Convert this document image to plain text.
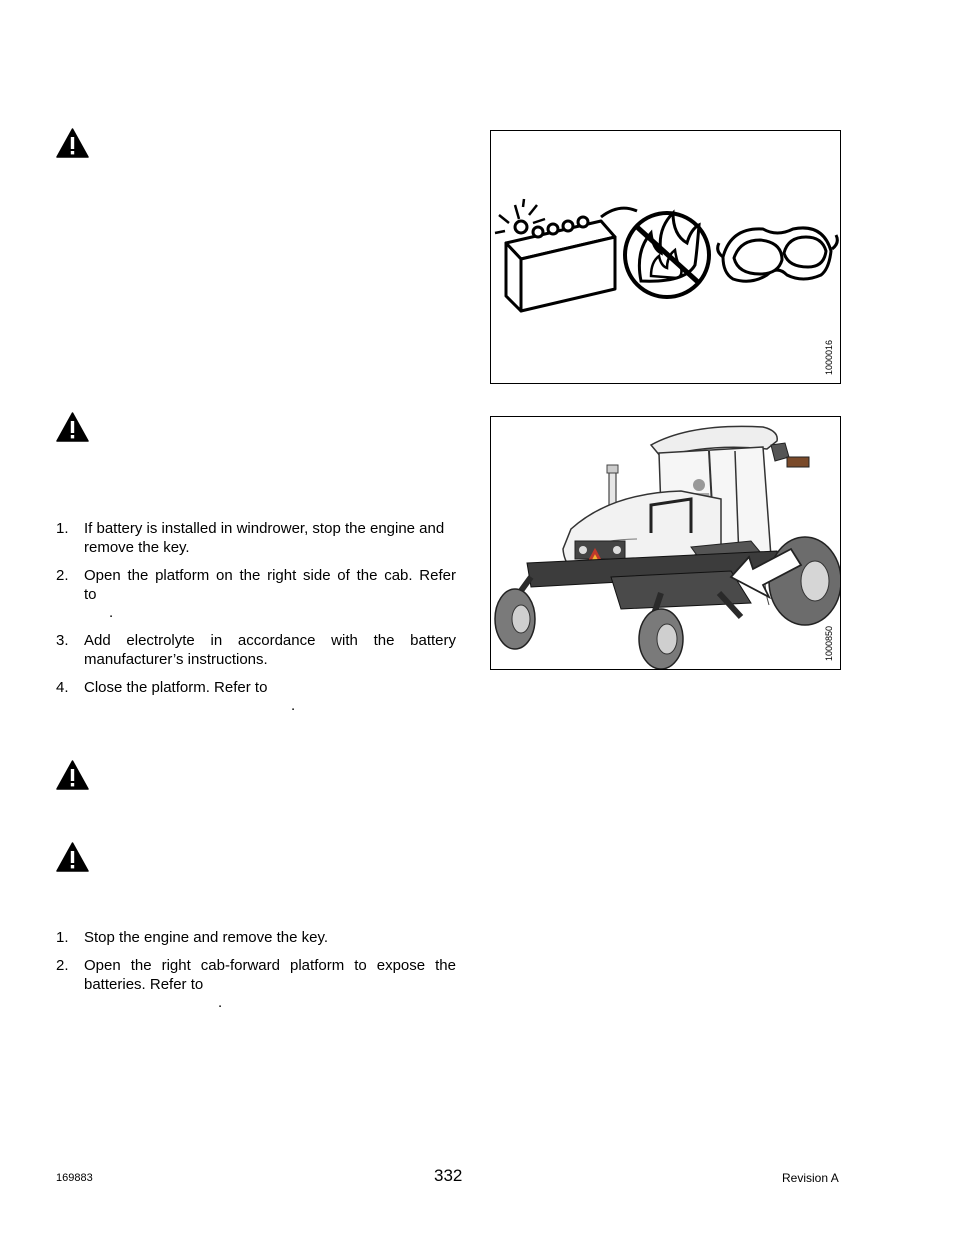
1. If battery is installed in windrower, stop the engine and
remove the key.
2. Open the platform on the right side of the cab. Refer
to
.
3. Add electrolyte in accordance with the battery
manufacturer’s instructions.
4. Close the platform. Refer to
.
1. Stop the engine and remove the key.
2. Open the right cab-forward platform to expose the
batteries. Refer to
.
1000016
1000850
169883	332	Revision A
